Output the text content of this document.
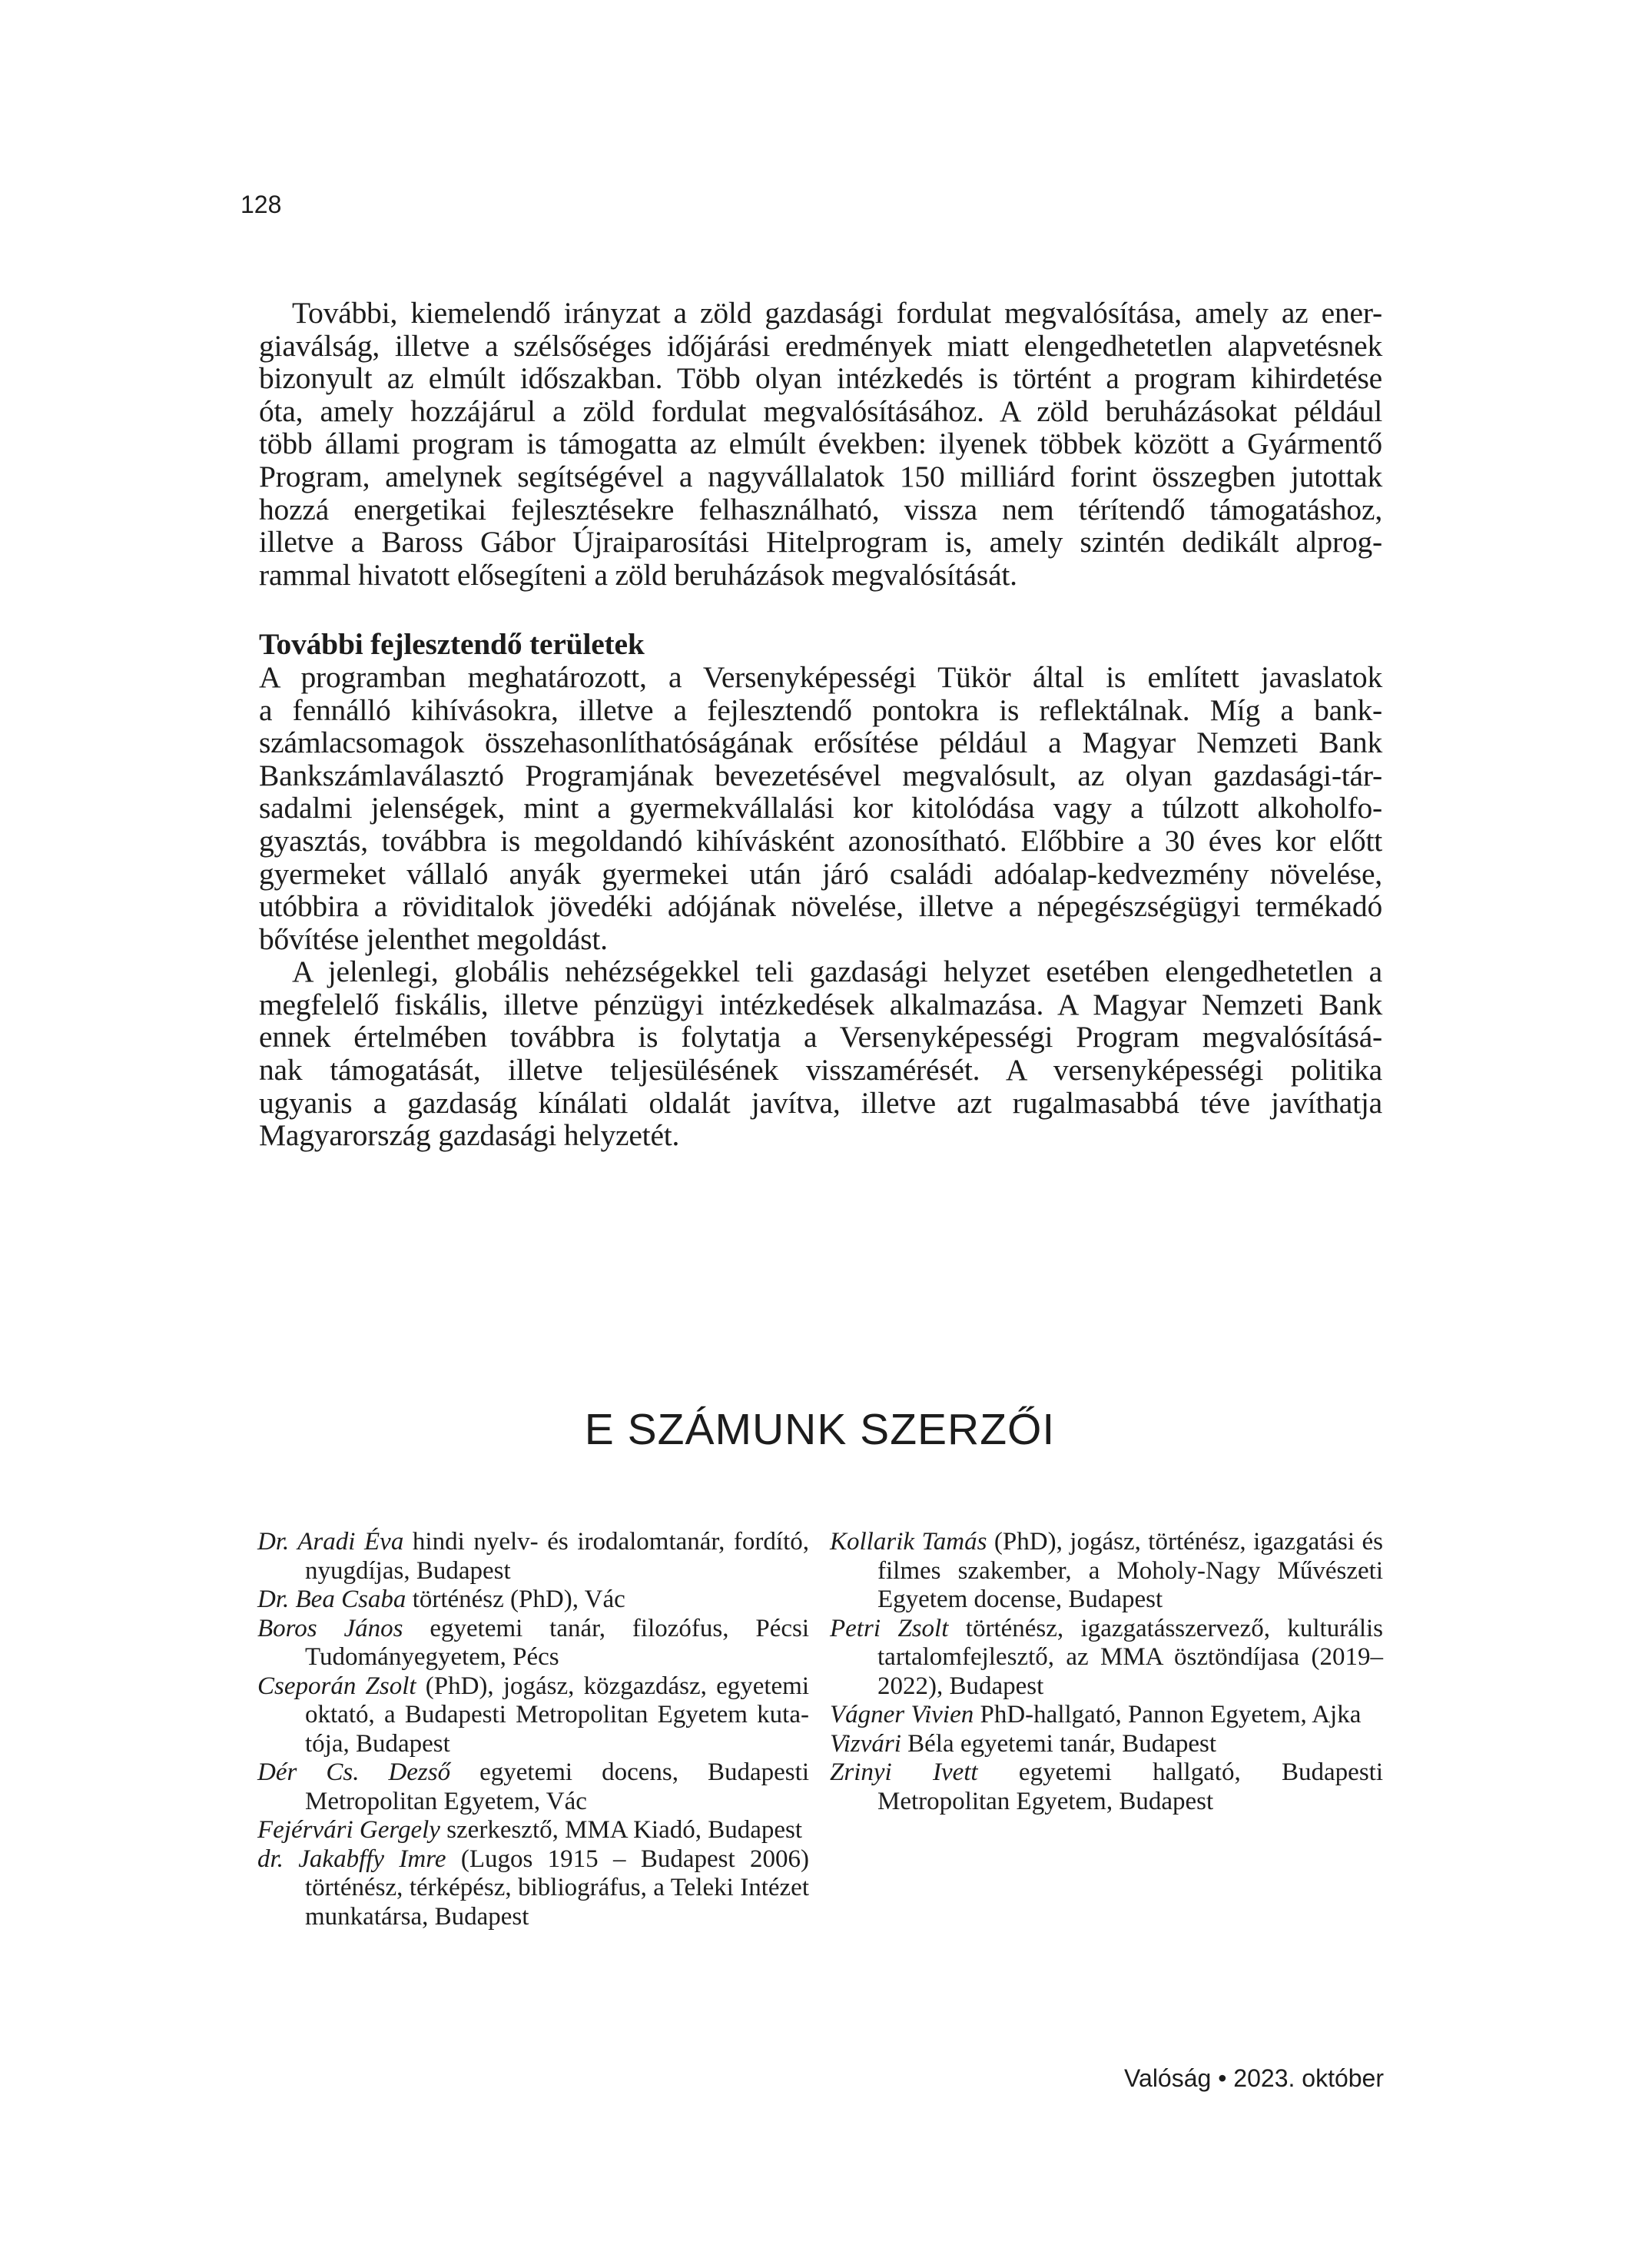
128

További, kiemelendő irányzat a zöld gazdasági fordulat megvalósítása, amely az ener-
giaválság, illetve a szélsőséges időjárási eredmények miatt elengedhetetlen alapvetésnek
bizonyult az elmúlt időszakban. Több olyan intézkedés is történt a program kihirdetése
óta, amely hozzájárul a zöld fordulat megvalósításához. A zöld beruházásokat például
több állami program is támogatta az elmúlt években: ilyenek többek között a Gyármentő
Program, amelynek segítségével a nagyvállalatok 150 milliárd forint összegben jutottak
hozzá energetikai fejlesztésekre felhasználható, vissza nem térítendő támogatáshoz,
illetve a Baross Gábor Újraiparosítási Hitelprogram is, amely szintén dedikált alprog-
rammal hivatott elősegíteni a zöld beruházások megvalósítását.

További fejlesztendő területek

A programban meghatározott, a Versenyképességi Tükör által is említett javaslatok
a fennálló kihívásokra, illetve a fejlesztendő pontokra is reflektálnak. Míg a bank-
számlacsomagok összehasonlíthatóságának erősítése például a Magyar Nemzeti Bank
Bankszámlaválasztó Programjának bevezetésével megvalósult, az olyan gazdasági-tár-
sadalmi jelenségek, mint a gyermekvállalási kor kitolódása vagy a túlzott alkoholfo-
gyasztás, továbbra is megoldandó kihívásként azonosítható. Előbbire a 30 éves kor előtt
gyermeket vállaló anyák gyermekei után járó családi adóalap-kedvezmény növelése,
utóbbira a röviditalok jövedéki adójának növelése, illetve a népegészségügyi termékadó
bővítése jelenthet megoldást.

A jelenlegi, globális nehézségekkel teli gazdasági helyzet esetében elengedhetetlen a
megfelelő fiskális, illetve pénzügyi intézkedések alkalmazása. A Magyar Nemzeti Bank
ennek értelmében továbbra is folytatja a Versenyképességi Program megvalósításá-
nak támogatását, illetve teljesülésének visszamérését. A versenyképességi politika
ugyanis a gazdaság kínálati oldalát javítva, illetve azt rugalmasabbá téve javíthatja
Magyarország gazdasági helyzetét.

E SZÁMUNK SZERZŐI

Dr. Aradi Éva hindi nyelv- és irodalomtanár, fordító, nyugdíjas, Budapest

Dr. Bea Csaba történész (PhD), Vác

Boros János egyetemi tanár, filozófus, Pécsi Tudományegyetem, Pécs

Cseporán Zsolt (PhD), jogász, közgazdász, egyetemi oktató, a Budapesti Metropolitan Egyetem kuta-tója, Budapest

Dér Cs. Dezső egyetemi docens, Budapesti Metropolitan Egyetem, Vác

Fejérvári Gergely szerkesztő, MMA Kiadó, Budapest

dr. Jakabffy Imre (Lugos 1915 – Budapest 2006) történész, térképész, bibliográfus, a Teleki Intézet munkatársa, Budapest

Kollarik Tamás (PhD), jogász, történész, igazgatási és filmes szakember, a Moholy-Nagy Művészeti Egyetem docense, Budapest

Petri Zsolt történész, igazgatásszervező, kulturális tartalomfejlesztő, az MMA ösztöndíjasa (2019–2022), Budapest

Vágner Vivien PhD-hallgató, Pannon Egyetem, Ajka

Vizvári Béla egyetemi tanár, Budapest

Zrinyi Ivett egyetemi hallgató, Budapesti Metropolitan Egyetem, Budapest

Valóság • 2023. október
